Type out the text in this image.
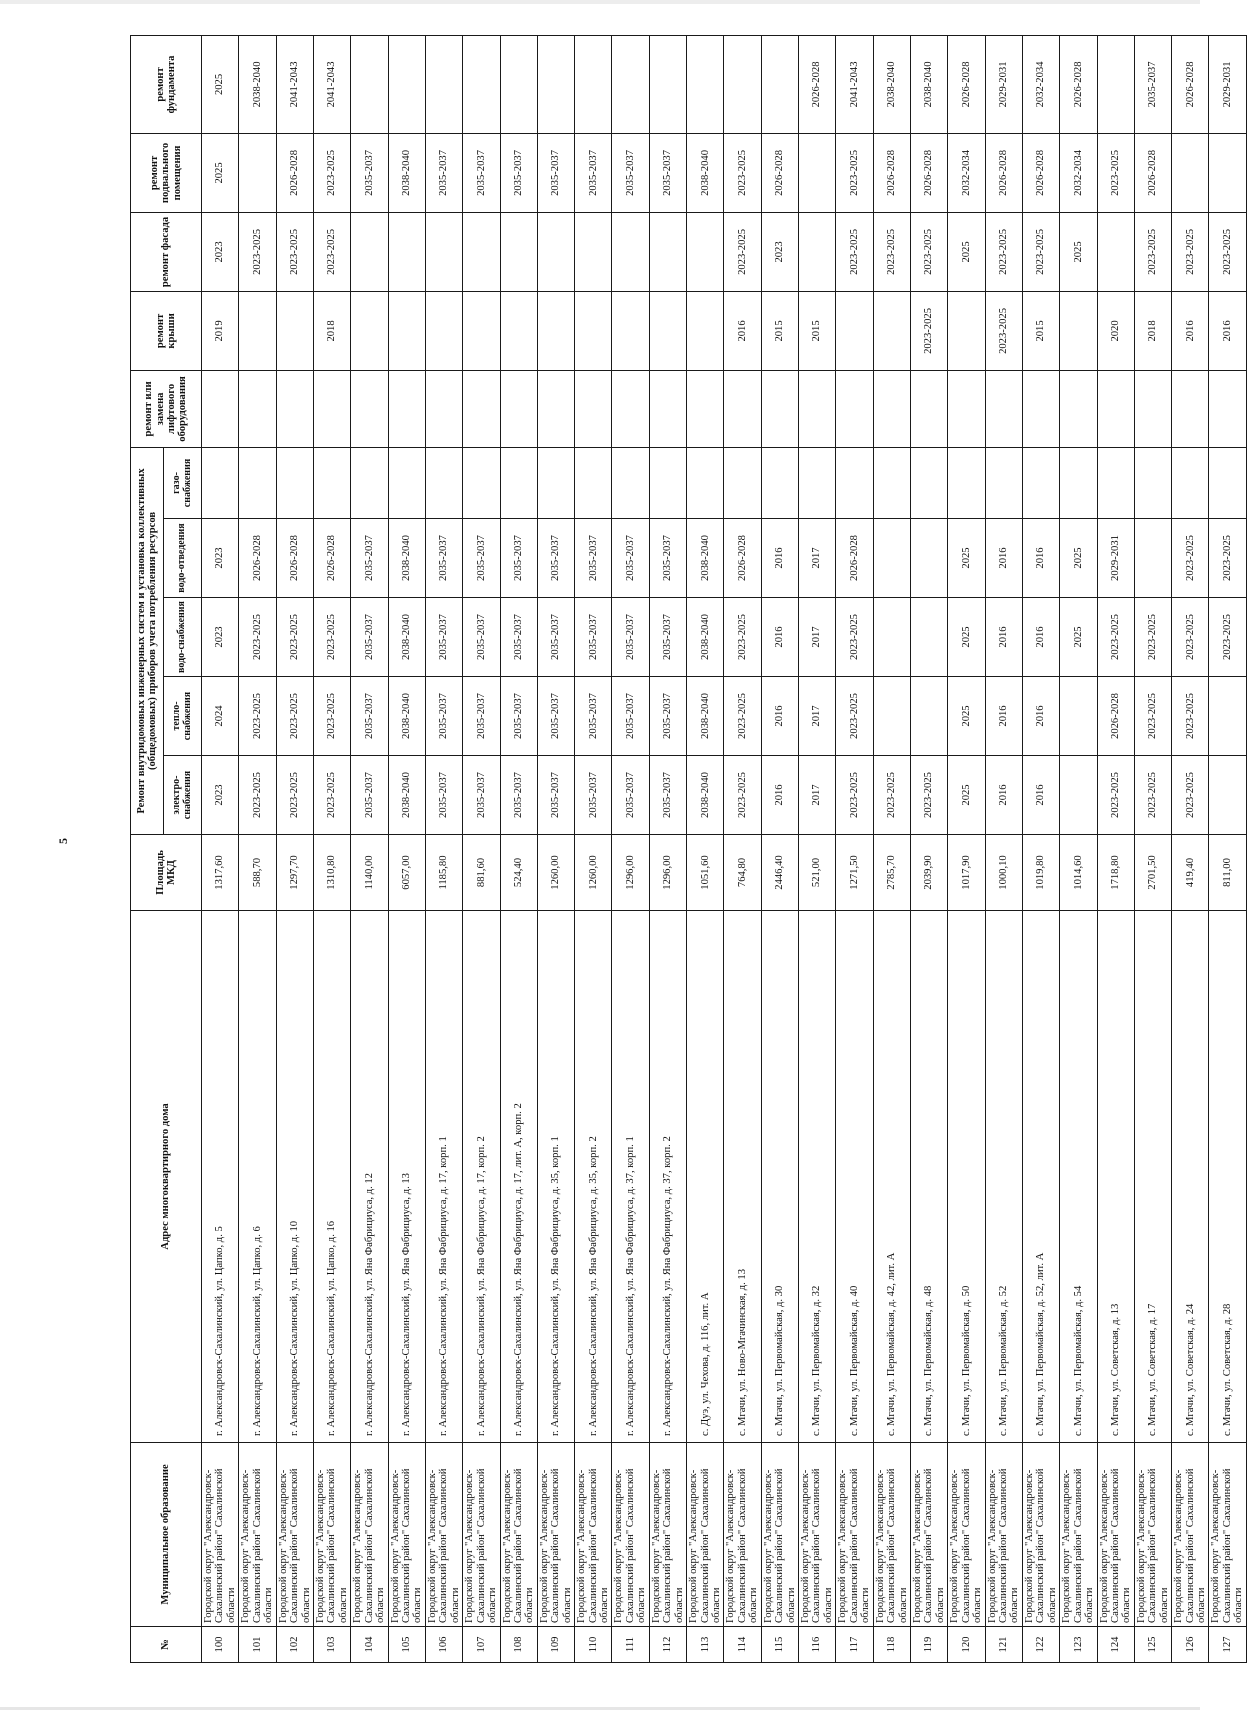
5
№	Муниципальное образование	Адрес многоквартирного дома	Площадь МКД	Ремонт внутридомовых инженерных систем и установка коллективных (общедомовых) приборов учета потребления ресурсов					ремонт или замена лифтового оборудования	ремонт крыши	ремонт фасада	ремонт подвального помещения	ремонт фундамента
				электро-снабжения	тепло-снабжения	водо-снабжения	водо-отведения	газо-снабжения					
100	Городской округ "Александровск-Сахалинский район" Сахалинской области	г. Александровск-Сахалинский, ул. Цапко, д. 5	1317,60	2023	2024	2023	2023			2019	2023	2025	2025
101	Городской округ "Александровск-Сахалинский район" Сахалинской области	г. Александровск-Сахалинский, ул. Цапко, д. 6	588,70	2023-2025	2023-2025	2023-2025	2026-2028				2023-2025		2038-2040
102	Городской округ "Александровск-Сахалинский район" Сахалинской области	г. Александровск-Сахалинский, ул. Цапко, д. 10	1297,70	2023-2025	2023-2025	2023-2025	2026-2028				2023-2025	2026-2028	2041-2043
103	Городской округ "Александровск-Сахалинский район" Сахалинской области	г. Александровск-Сахалинский, ул. Цапко, д. 16	1310,80	2023-2025	2023-2025	2023-2025	2026-2028			2018	2023-2025	2023-2025	2041-2043
104	Городской округ "Александровск-Сахалинский район" Сахалинской области	г. Александровск-Сахалинский, ул. Яна Фабрициуса, д. 12	1140,00	2035-2037	2035-2037	2035-2037	2035-2037					2035-2037	
105	Городской округ "Александровск-Сахалинский район" Сахалинской области	г. Александровск-Сахалинский, ул. Яна Фабрициуса, д. 13	6057,00	2038-2040	2038-2040	2038-2040	2038-2040					2038-2040	
106	Городской округ "Александровск-Сахалинский район" Сахалинской области	г. Александровск-Сахалинский, ул. Яна Фабрициуса, д. 17, корп. 1	1185,80	2035-2037	2035-2037	2035-2037	2035-2037					2035-2037	
107	Городской округ "Александровск-Сахалинский район" Сахалинской области	г. Александровск-Сахалинский, ул. Яна Фабрициуса, д. 17, корп. 2	881,60	2035-2037	2035-2037	2035-2037	2035-2037					2035-2037	
108	Городской округ "Александровск-Сахалинский район" Сахалинской области	г. Александровск-Сахалинский, ул. Яна Фабрициуса, д. 17, лит. А, корп. 2	524,40	2035-2037	2035-2037	2035-2037	2035-2037					2035-2037	
109	Городской округ "Александровск-Сахалинский район" Сахалинской области	г. Александровск-Сахалинский, ул. Яна Фабрициуса, д. 35, корп. 1	1260,00	2035-2037	2035-2037	2035-2037	2035-2037					2035-2037	
110	Городской округ "Александровск-Сахалинский район" Сахалинской области	г. Александровск-Сахалинский, ул. Яна Фабрициуса, д. 35, корп. 2	1260,00	2035-2037	2035-2037	2035-2037	2035-2037					2035-2037	
111	Городской округ "Александровск-Сахалинский район" Сахалинской области	г. Александровск-Сахалинский, ул. Яна Фабрициуса, д. 37, корп. 1	1296,00	2035-2037	2035-2037	2035-2037	2035-2037					2035-2037	
112	Городской округ "Александровск-Сахалинский район" Сахалинской области	г. Александровск-Сахалинский, ул. Яна Фабрициуса, д. 37, корп. 2	1296,00	2035-2037	2035-2037	2035-2037	2035-2037					2035-2037	
113	Городской округ "Александровск-Сахалинский район" Сахалинской области	с. Дуэ, ул. Чехова, д. 116, лит. А	1051,60	2038-2040	2038-2040	2038-2040	2038-2040					2038-2040	
114	Городской округ "Александровск-Сахалинский район" Сахалинской области	с. Мгачи, ул. Ново-Мгачинская, д. 13	764,80	2023-2025	2023-2025	2023-2025	2026-2028			2016	2023-2025	2023-2025	
115	Городской округ "Александровск-Сахалинский район" Сахалинской области	с. Мгачи, ул. Первомайская, д. 30	2446,40	2016	2016	2016	2016			2015	2023	2026-2028	
116	Городской округ "Александровск-Сахалинский район" Сахалинской области	с. Мгачи, ул. Первомайская, д. 32	521,00	2017	2017	2017	2017			2015			2026-2028
117	Городской округ "Александровск-Сахалинский район" Сахалинской области	с. Мгачи, ул. Первомайская, д. 40	1271,50	2023-2025	2023-2025	2023-2025	2026-2028				2023-2025	2023-2025	2041-2043
118	Городской округ "Александровск-Сахалинский район" Сахалинской области	с. Мгачи, ул. Первомайская, д. 42, лит. А	2785,70	2023-2025							2023-2025	2026-2028	2038-2040
119	Городской округ "Александровск-Сахалинский район" Сахалинской области	с. Мгачи, ул. Первомайская, д. 48	2039,90	2023-2025						2023-2025	2023-2025	2026-2028	2038-2040
120	Городской округ "Александровск-Сахалинский район" Сахалинской области	с. Мгачи, ул. Первомайская, д. 50	1017,90	2025	2025	2025	2025				2025	2032-2034	2026-2028
121	Городской округ "Александровск-Сахалинский район" Сахалинской области	с. Мгачи, ул. Первомайская, д. 52	1000,10	2016	2016	2016	2016			2023-2025	2023-2025	2026-2028	2029-2031
122	Городской округ "Александровск-Сахалинский район" Сахалинской области	с. Мгачи, ул. Первомайская, д. 52, лит. А	1019,80	2016	2016	2016	2016			2015	2023-2025	2026-2028	2032-2034
123	Городской округ "Александровск-Сахалинский район" Сахалинской области	с. Мгачи, ул. Первомайская, д. 54	1014,60			2025	2025				2025	2032-2034	2026-2028
124	Городской округ "Александровск-Сахалинский район" Сахалинской области	с. Мгачи, ул. Советская, д. 13	1718,80	2023-2025	2026-2028	2023-2025	2029-2031			2020		2023-2025	
125	Городской округ "Александровск-Сахалинский район" Сахалинской области	с. Мгачи, ул. Советская, д. 17	2701,50	2023-2025	2023-2025	2023-2025				2018	2023-2025	2026-2028	2035-2037
126	Городской округ "Александровск-Сахалинский район" Сахалинской области	с. Мгачи, ул. Советская, д. 24	419,40	2023-2025	2023-2025	2023-2025	2023-2025			2016	2023-2025		2026-2028
127	Городской округ "Александровск-Сахалинский район" Сахалинской области	с. Мгачи, ул. Советская, д. 28	811,00			2023-2025	2023-2025			2016	2023-2025		2029-2031
